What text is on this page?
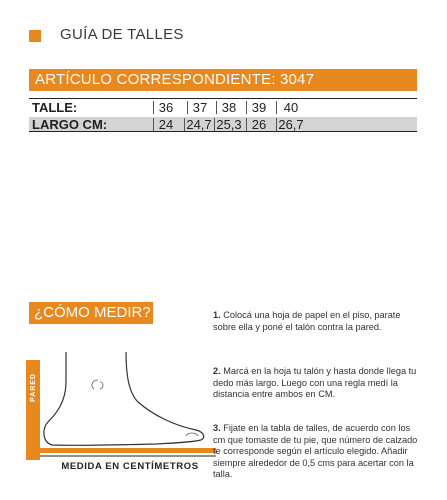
GUÍA DE TALLES
ARTÍCULO CORRESPONDIENTE: 3047
TALLE:	36	37	38	39	40
LARGO CM:	24	24,7 25,3 26 26,7
¿CÓMO MEDIR?
PARED
MEDIDA EN CENTÍMETROS
1. Colocá una hoja de papel en el piso, parate sobre ella y poné el talón contra la pared.
2. Marcá en la hoja tu talón y hasta donde llega tu dedo más largo. Luego con una regla medí la distancia entre ambos en CM.
3. Fijate en la tabla de talles, de acuerdo con los cm que tomaste de tu pie, que número de calzado te corresponde según el artículo elegido. Añadir siempre alrededor de 0,5 cms para acertar con la talla.
